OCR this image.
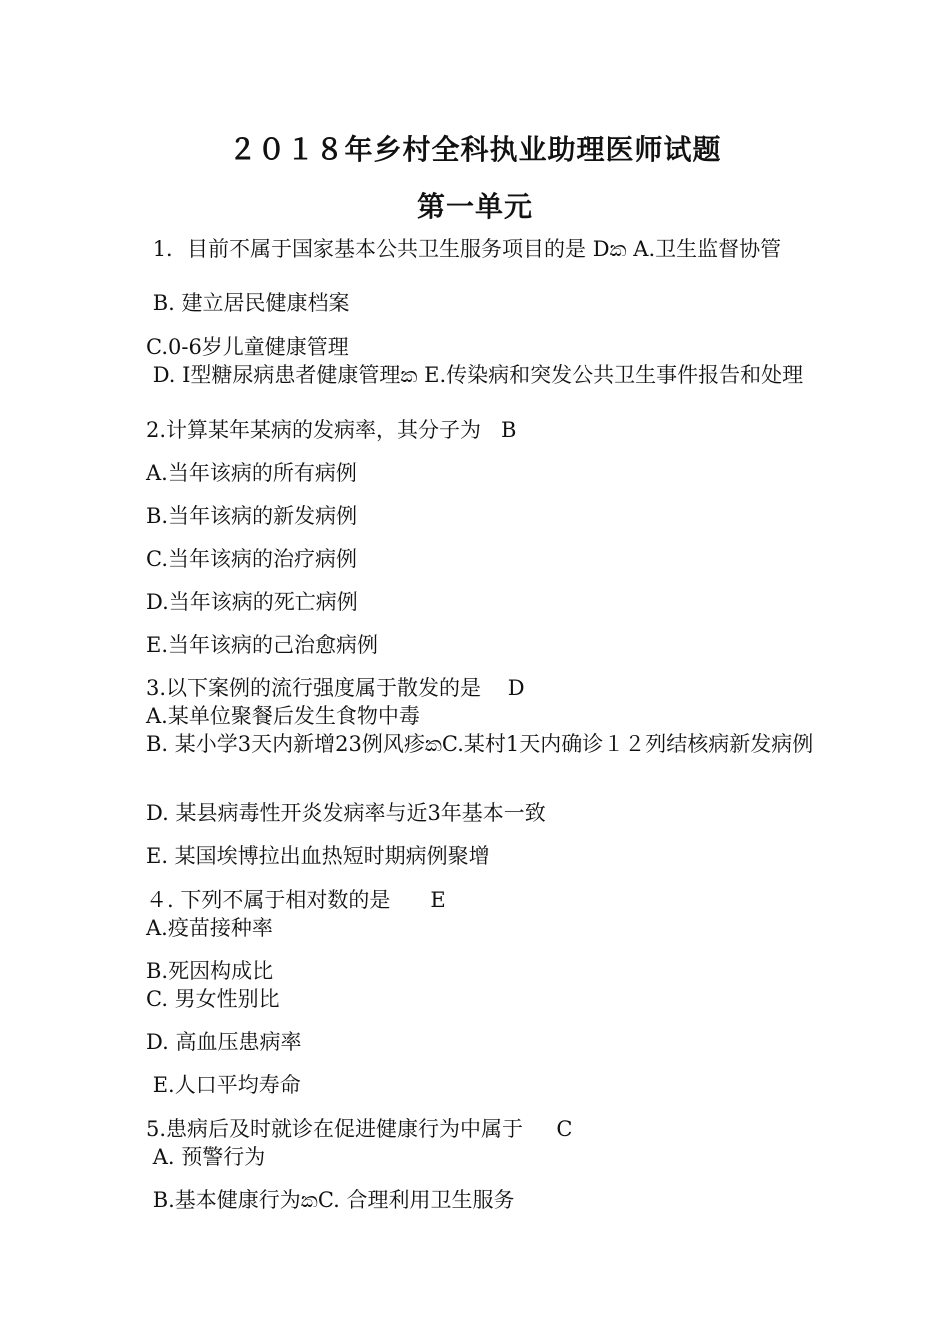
２０１８年乡村全科执业助理医师试题
第一单元
1．目前不属于国家基本公共卫生服务项目的是 Dක A.卫生监督协管
B. 建立居民健康档案
C.0-6岁儿童健康管理
D. I型糖尿病患者健康管理ක E.传染病和突发公共卫生事件报告和处理
2.计算某年某病的发病率，其分子为   B
A.当年该病的所有病例
B.当年该病的新发病例
C.当年该病的治疗病例
D.当年该病的死亡病例
E.当年该病的己治愈病例
3.以下案例的流行强度属于散发的是    D
A.某单位聚餐后发生食物中毒
B. 某小学3天内新增23例风疹කC.某村1天内确诊１２列结核病新发病例
D. 某县病毒性开炎发病率与近3年基本一致
E. 某国埃博拉出血热短时期病例聚增
４. 下列不属于相对数的是      E
A.疫苗接种率
B.死因构成比
C. 男女性别比
D. 高血压患病率
E.人口平均寿命
5.患病后及时就诊在促进健康行为中属于     C
A. 预警行为
B.基本健康行为කC. 合理利用卫生服务
